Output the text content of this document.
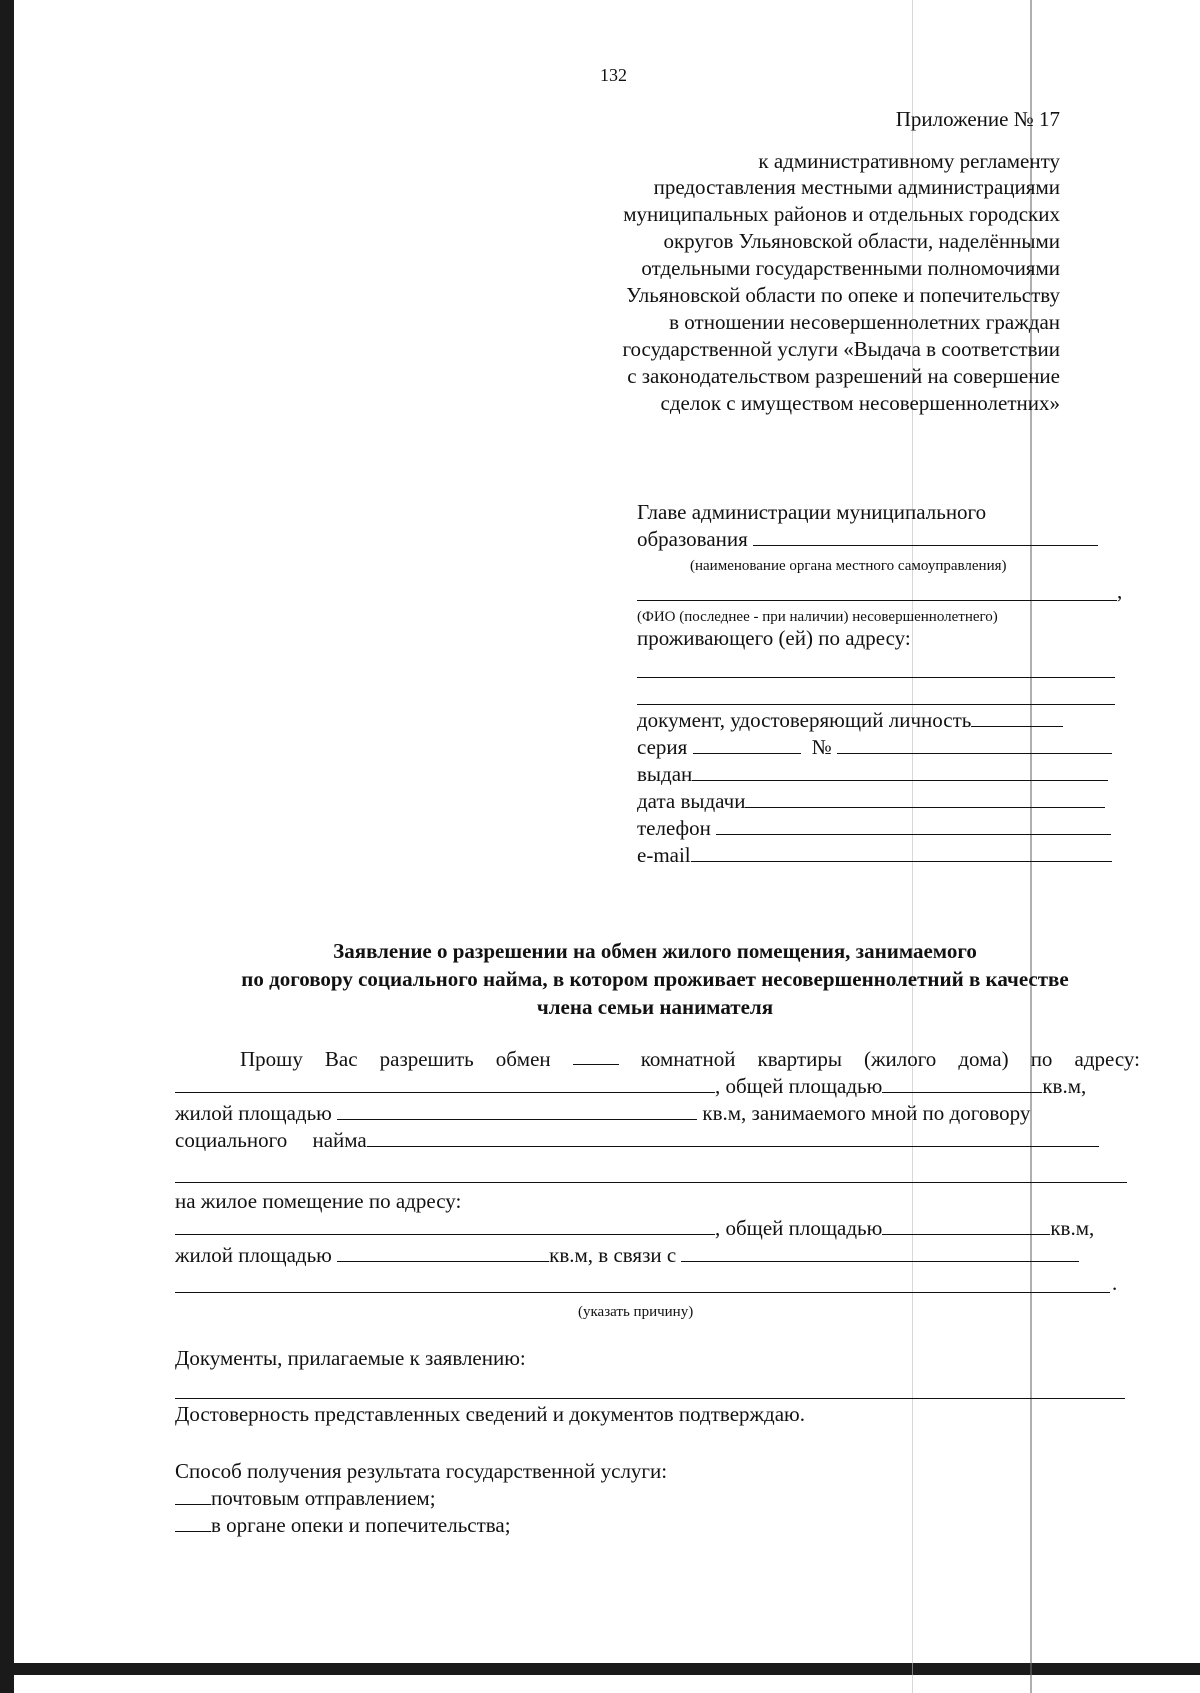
132
Приложение № 17
к административному регламенту
предоставления местными администрациями
муниципальных районов и отдельных городских
округов Ульяновской области, наделёнными
отдельными государственными полномочиями
Ульяновской области по опеке и попечительству
в отношении несовершеннолетних граждан
государственной услуги «Выдача в соответствии
с законодательством разрешений на совершение
сделок с имуществом несовершеннолетних»
Главе администрации муниципального
образования
(наименование органа местного самоуправления)
,
(ФИО (последнее - при наличии) несовершеннолетнего)
проживающего (ей) по адресу:
документ, удостоверяющий личность
серия	№
выдан
дата выдачи
телефон
e-mail
Заявление о разрешении на обмен жилого помещения, занимаемого
по договору социального найма, в котором проживает несовершеннолетний в качестве
члена семьи нанимателя
Прошу Вас разрешить обмен	комнатной квартиры (жилого дома) по адресу:
, общей площадью	кв.м,
жилой площадью	кв.м, занимаемого мной по договору
социального найма
на жилое помещение по адресу:
, общей площадью	кв.м,
жилой площадью	кв.м, в связи с
.
(указать причину)
Документы, прилагаемые к заявлению:
Достоверность представленных сведений и документов подтверждаю.
Способ получения результата государственной услуги:
почтовым отправлением;
в органе опеки и попечительства;
